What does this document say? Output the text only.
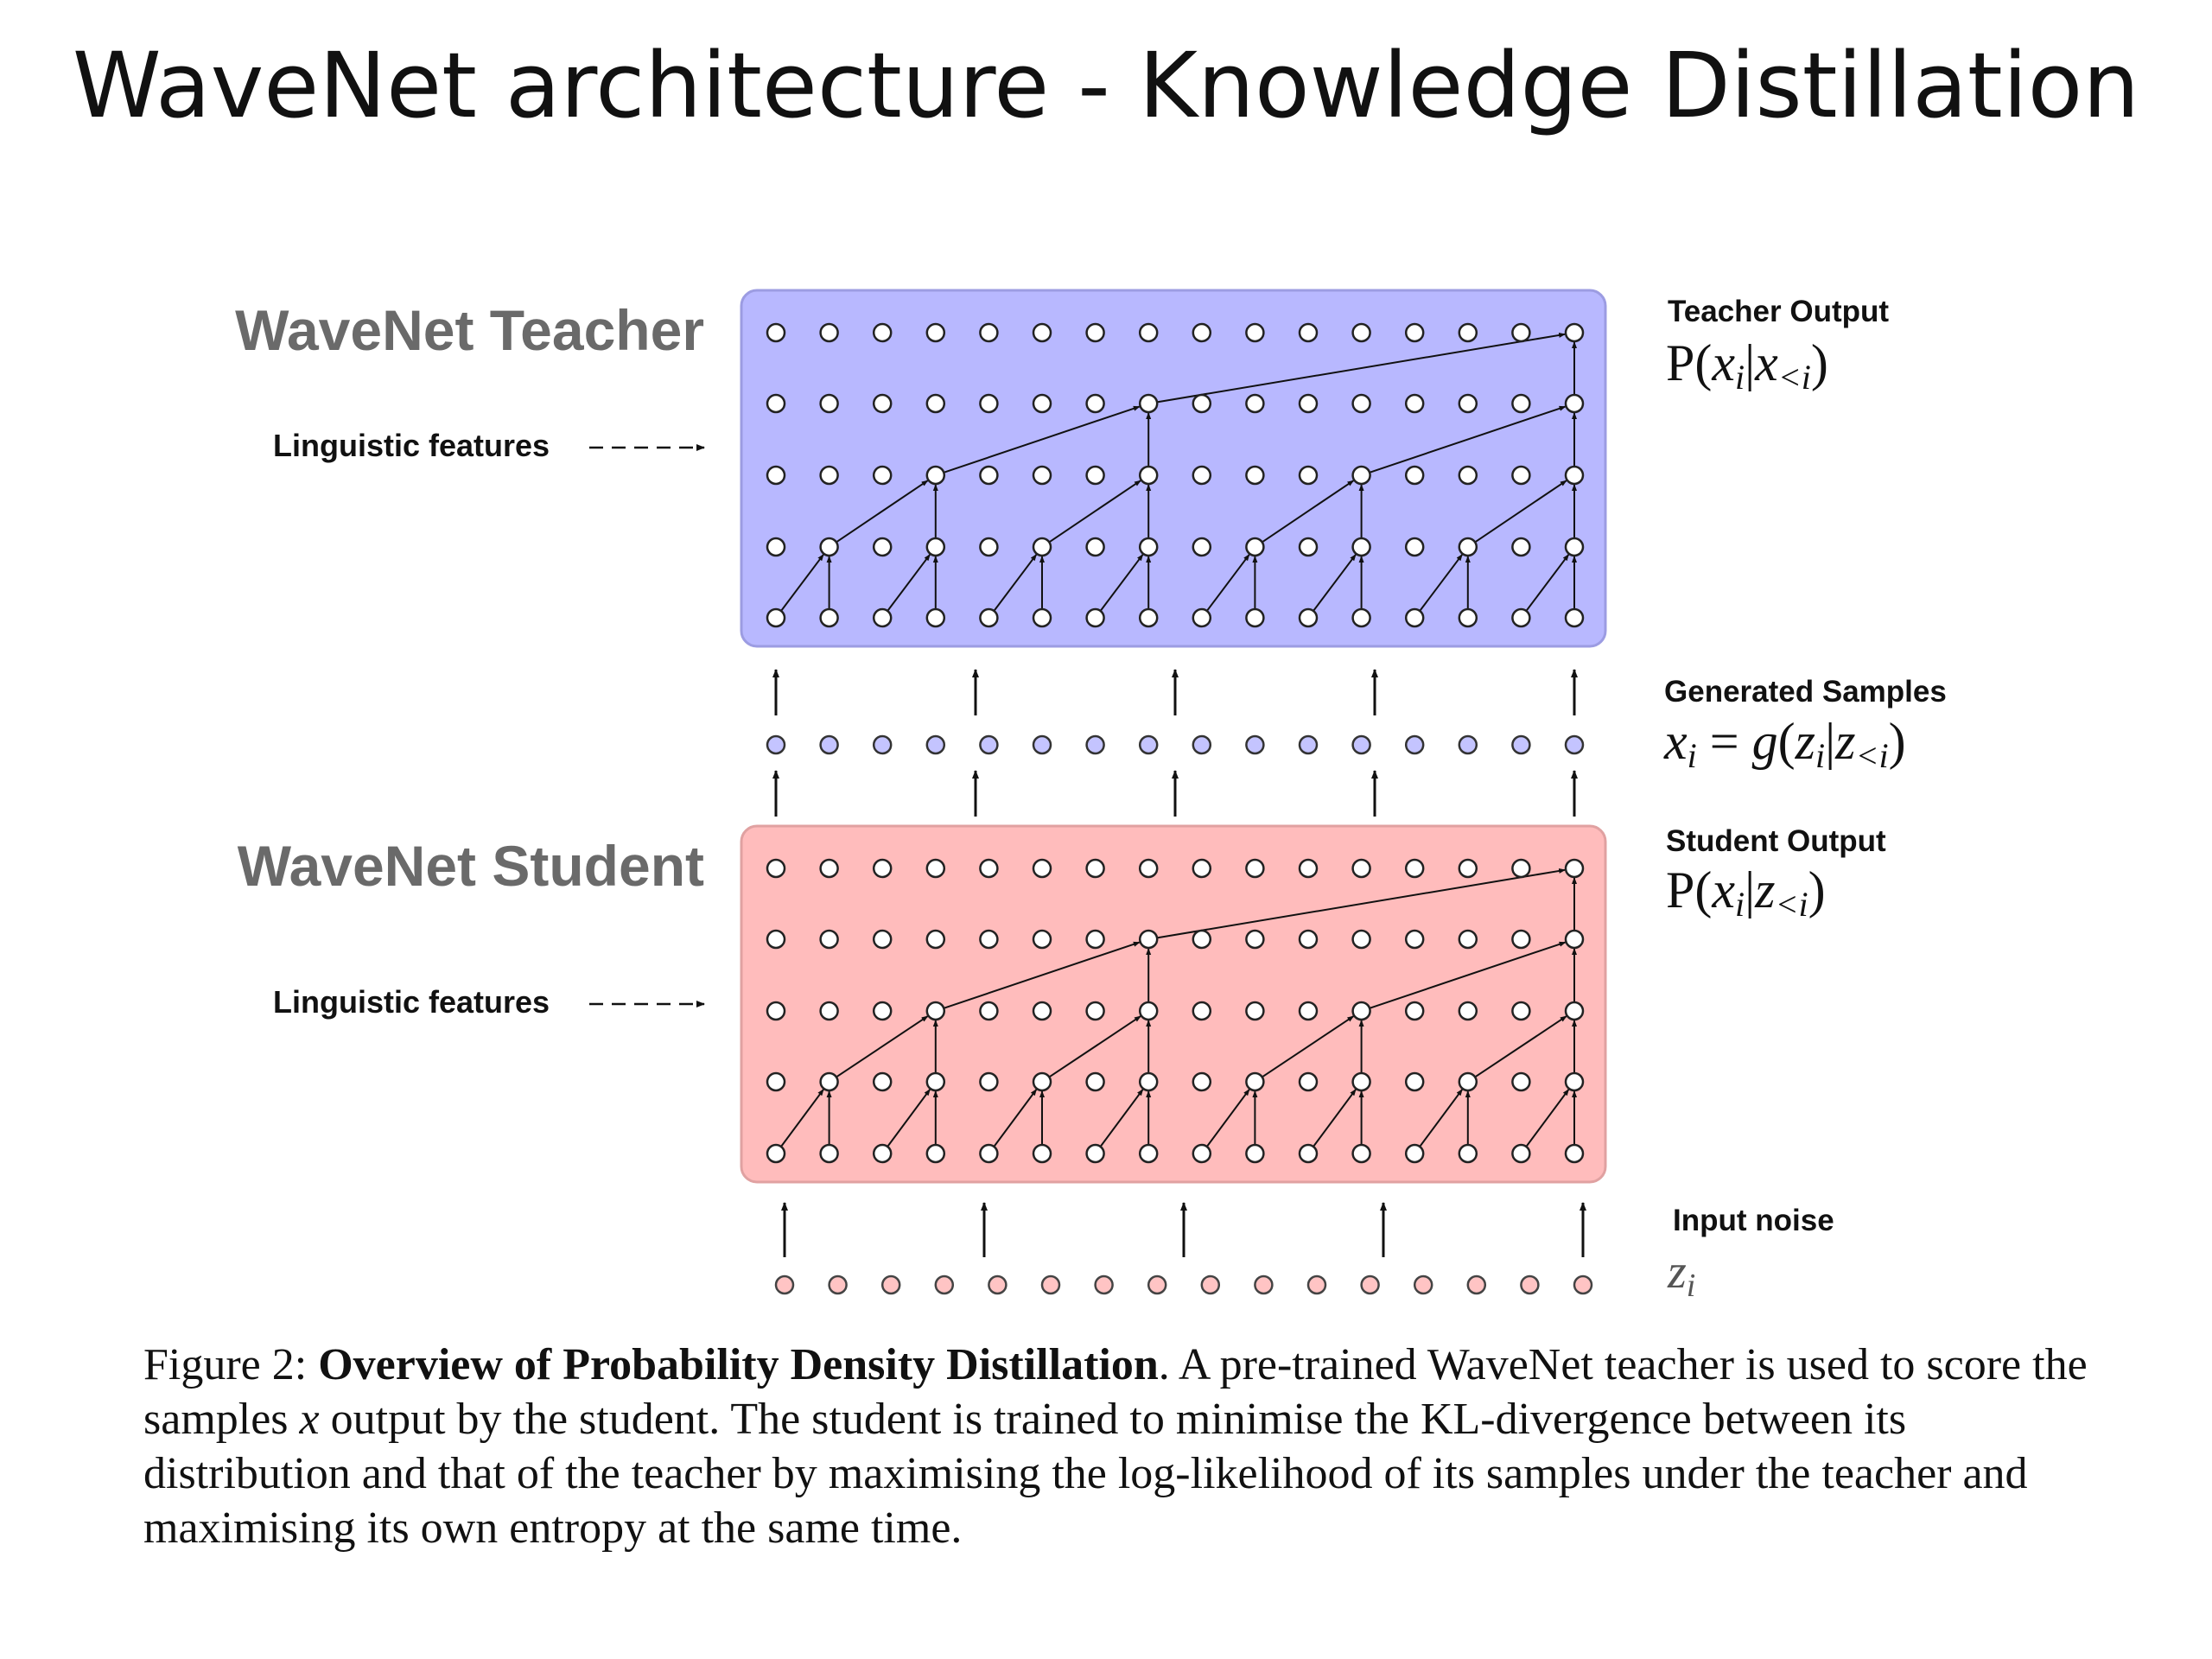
WaveNet architecture - Knowledge Distillation
WaveNet Teacher
WaveNet Student
Linguistic features
Linguistic features
Teacher Output
P(xi|x<i)
Generated Samples
xi = g(zi|z<i)
Student Output
P(xi|z<i)
Input noise
zi
Figure 2: Overview of Probability Density Distillation. A pre-trained WaveNet teacher is used to score the samples x output by the student. The student is trained to minimise the KL-divergence between its distribution and that of the teacher by maximising the log-likelihood of its samples under the teacher and maximising its own entropy at the same time.
